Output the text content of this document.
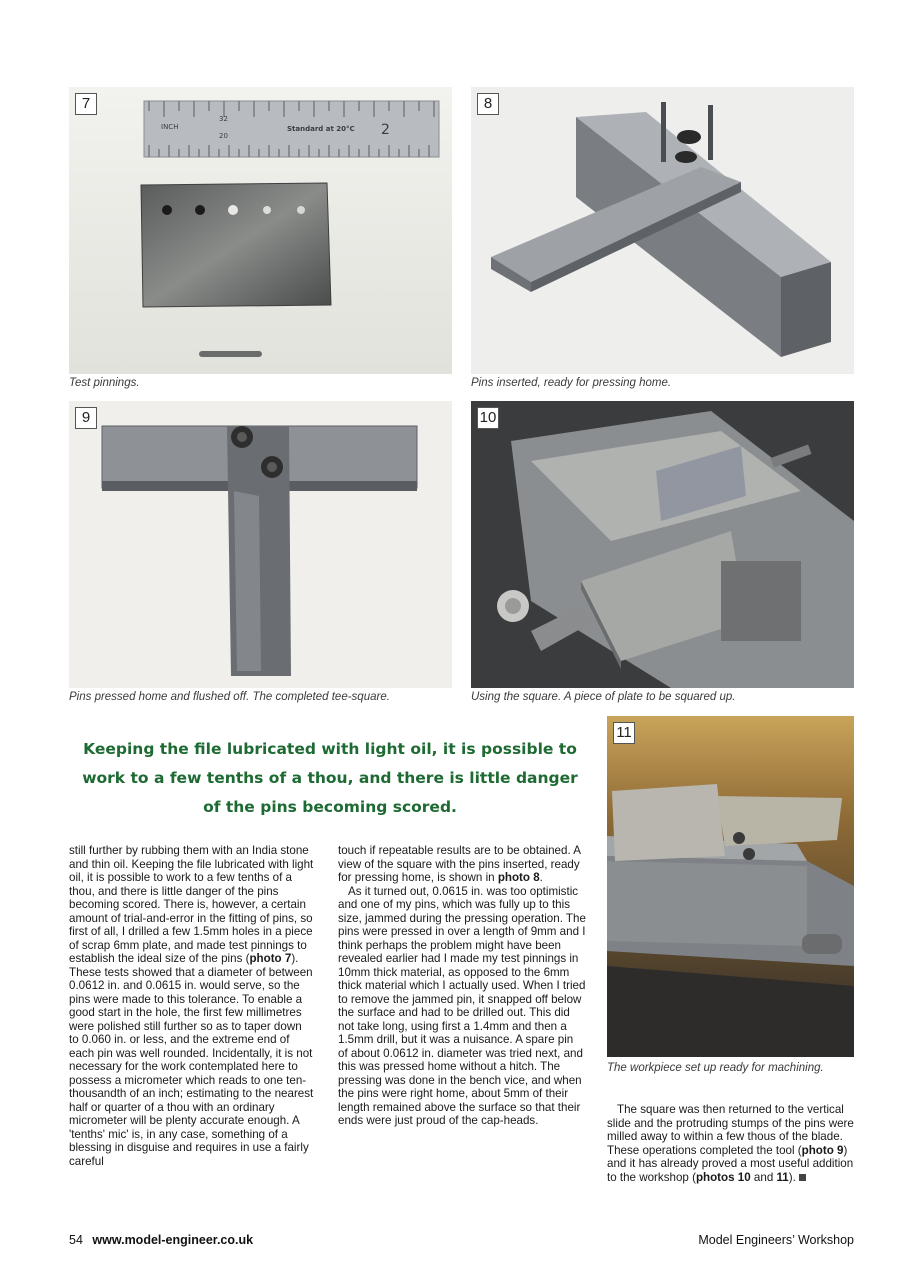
INCH
32
20
Standard at 20°C 2
7
Test pinnings.
8
Pins inserted, ready for pressing home.
9
Pins pressed home and flushed off. The completed tee-square.
10
Using the square. A piece of plate to be squared up.
Keeping the file lubricated with light oil, it is possible to work to a few tenths of a thou, and there is little danger of the pins becoming scored.
11
The workpiece set up ready for machining.

still further by rubbing them with an India stone and thin oil. Keeping the file lubricated with light oil, it is possible to work to a few tenths of a thou, and there is little danger of the pins becoming scored. There is, however, a certain amount of trial-and-error in the fitting of pins, so first of all, I drilled a few 1.5mm holes in a piece of scrap 6mm plate, and made test pinnings to establish the ideal size of the pins (photo 7). These tests showed that a diameter of between 0.0612 in. and 0.0615 in. would serve, so the pins were made to this tolerance. To enable a good start in the hole, the first few millimetres were polished still further so as to taper down to 0.060 in. or less, and the extreme end of each pin was well rounded. Incidentally, it is not necessary for the work contemplated here to possess a micrometer which reads to one ten-thousandth of an inch; estimating to the nearest half or quarter of a thou with an ordinary micrometer will be plenty accurate enough. A 'tenths' mic' is, in any case, something of a blessing in disguise and requires in use a fairly careful

touch if repeatable results are to be obtained. A view of the square with the pins inserted, ready for pressing home, is shown in photo 8.

As it turned out, 0.0615 in. was too optimistic and one of my pins, which was fully up to this size, jammed during the pressing operation. The pins were pressed in over a length of 9mm and I think perhaps the problem might have been revealed earlier had I made my test pinnings in 10mm thick material, as opposed to the 6mm thick material which I actually used. When I tried to remove the jammed pin, it snapped off below the surface and had to be drilled out. This did not take long, using first a 1.4mm and then a 1.5mm drill, but it was a nuisance. A spare pin of about 0.0612 in. diameter was tried next, and this was pressed home without a hitch. The pressing was done in the bench vice, and when the pins were right home, about 5mm of their length remained above the surface so that their ends were just proud of the cap-heads.

The square was then returned to the vertical slide and the protruding stumps of the pins were milled away to within a few thous of the blade. These operations completed the tool (photo 9) and it has already proved a most useful addition to the workshop (photos 10 and 11).
54 www.model-engineer.co.uk	Model Engineers’ Workshop
